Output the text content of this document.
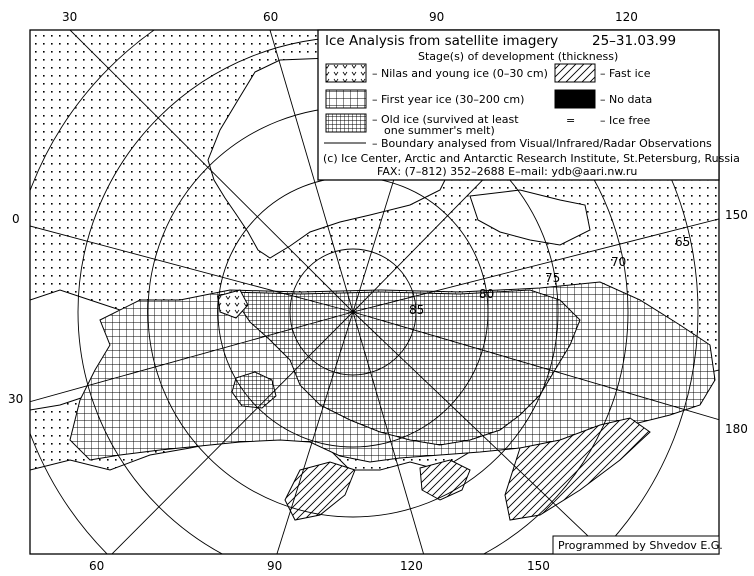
85
80
75
70
65
30	60	90	120
60	90	120	150
0
30
150
180
Ice Analysis from satellite imagery 25–31.03.99
Stage(s) of development (thickness)
– Nilas and young ice (0–30 cm)	– Fast ice
– First year ice (30–200 cm)	– No data
– Old ice (survived at least
one summer's melt)
= – Ice free
– Boundary analysed from Visual/Infrared/Radar Observations
(c) Ice Center, Arctic and Antarctic Research Institute, St.Petersburg, Russia
FAX: (7–812) 352–2688 E–mail: ydb@aari.nw.ru
Programmed by Shvedov E.G.
